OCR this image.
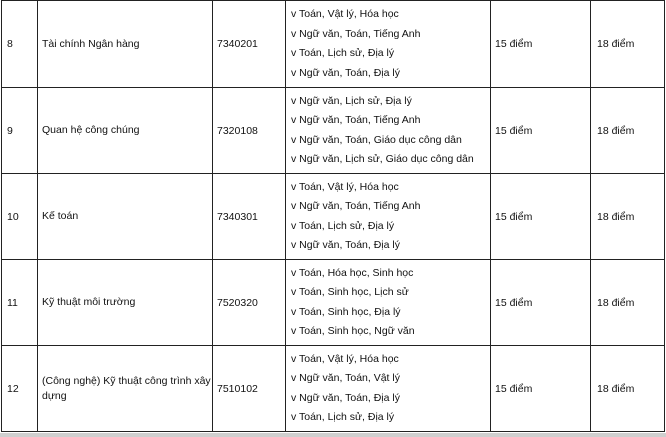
8	Tài chính Ngân hàng	7340201	v Toán, Vật lý, Hóa học
v Ngữ văn, Toán, Tiếng Anh
v Toán, Lịch sử, Địa lý
v Ngữ văn, Toán, Địa lý	15 điểm	18 điểm
9	Quan hệ công chúng	7320108	v Ngữ văn, Lịch sử, Địa lý
v Ngữ văn, Toán, Tiếng Anh
v Ngữ văn, Toán, Giáo dục công dân
v Ngữ văn, Lịch sử, Giáo dục công dân	15 điểm	18 điểm
10	Kế toán	7340301	v Toán, Vật lý, Hóa học
v Ngữ văn, Toán, Tiếng Anh
v Toán, Lịch sử, Địa lý
v Ngữ văn, Toán, Địa lý	15 điểm	18 điểm
11	Kỹ thuật môi trường	7520320	v Toán, Hóa học, Sinh học
v Toán, Sinh học, Lịch sử
v Toán, Sinh học, Địa lý
v Toán, Sinh học, Ngữ văn	15 điểm	18 điểm
12	(Công nghệ) Kỹ thuật công trình xây dựng	7510102	v Toán, Vật lý, Hóa học
v Ngữ văn, Toán, Vật lý
v Ngữ văn, Toán, Địa lý
v Toán, Lịch sử, Địa lý	15 điểm	18 điểm
